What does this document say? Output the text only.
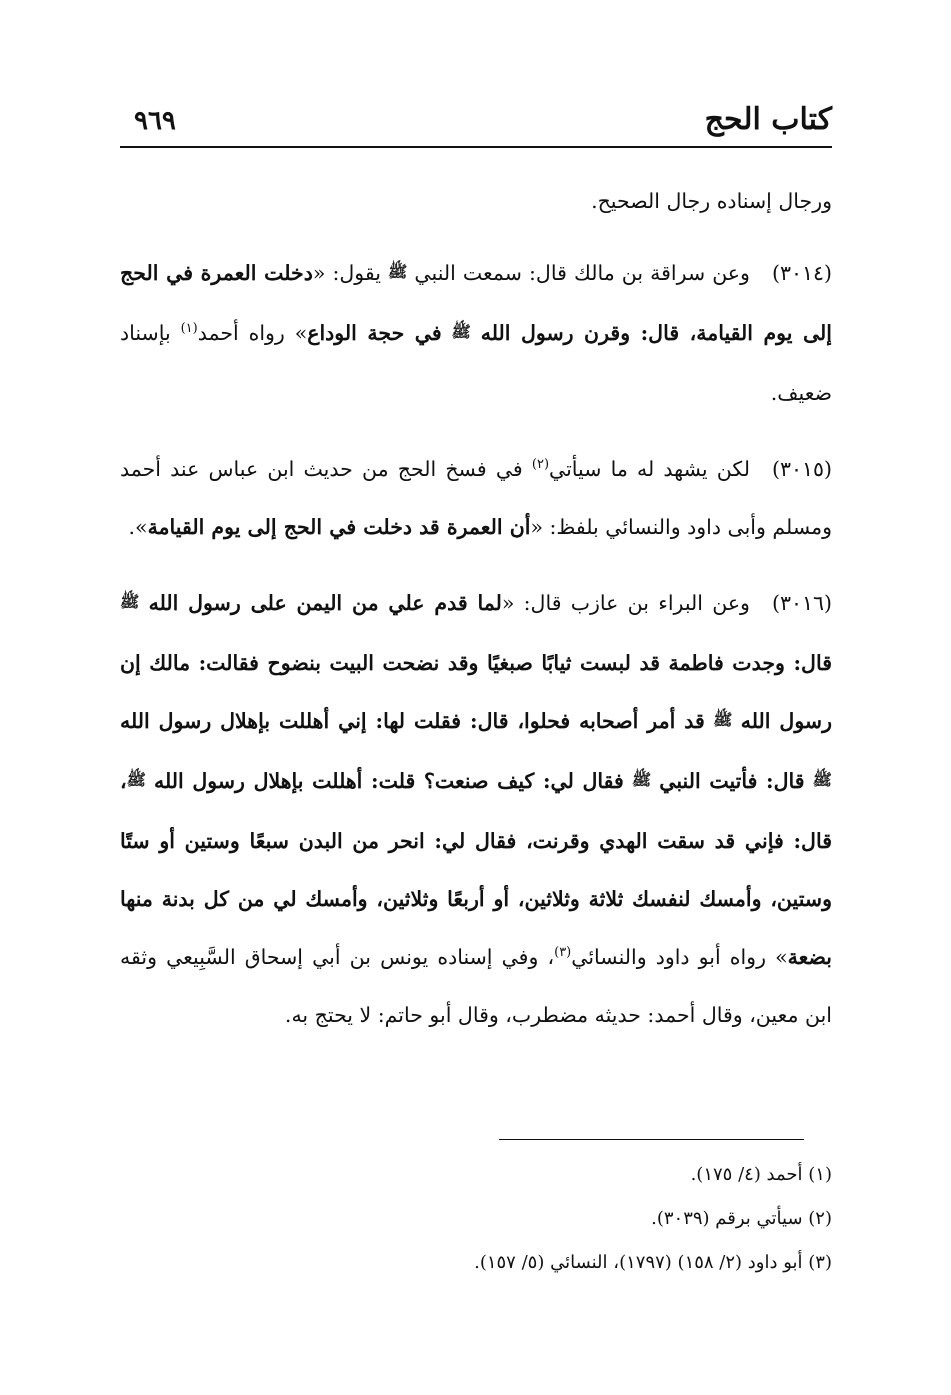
كتاب الحج
٩٦٩

ورجال إسناده رجال الصحيح.

(٣٠١٤)وعن سراقة بن مالك قال: سمعت النبي ﷺ يقول: «دخلت العمرة في الحج إلى يوم القيامة، قال: وقرن رسول الله ﷺ في حجة الوداع» رواه أحمد$^{(١)}$ بإسناد ضعيف.

(٣٠١٥)لكن يشهد له ما سيأتي$^{(٢)}$ في فسخ الحج من حديث ابن عباس عند أحمد ومسلم وأبى داود والنسائي بلفظ: «أن العمرة قد دخلت في الحج إلى يوم القيامة».

(٣٠١٦)وعن البراء بن عازب قال: «لما قدم علي من اليمن على رسول الله ﷺ قال: وجدت فاطمة قد لبست ثيابًا صبغيًا وقد نضحت البيت بنضوح فقالت: مالك إن رسول الله ﷺ قد أمر أصحابه فحلوا، قال: فقلت لها: إني أهللت بإهلال رسول الله ﷺ قال: فأتيت النبي ﷺ فقال لي: كيف صنعت؟ قلت: أهللت بإهلال رسول الله ﷺ، قال: فإني قد سقت الهدي وقرنت، فقال لي: انحر من البدن سبعًا وستين أو ستًا وستين، وأمسك لنفسك ثلاثة وثلاثين، أو أربعًا وثلاثين، وأمسك لي من كل بدنة منها بضعة» رواه أبو داود والنسائي$^{(٣)}$، وفي إسناده يونس بن أبي إسحاق السَّبِيعي وثقه ابن معين، وقال أحمد: حديثه مضطرب، وقال أبو حاتم: لا يحتج به.

(١) أحمد (٤/ ١٧٥).

(٢) سيأتي برقم (٣٠٣٩).

(٣) أبو داود (٢/ ١٥٨) (١٧٩٧)، النسائي (٥/ ١٥٧).
